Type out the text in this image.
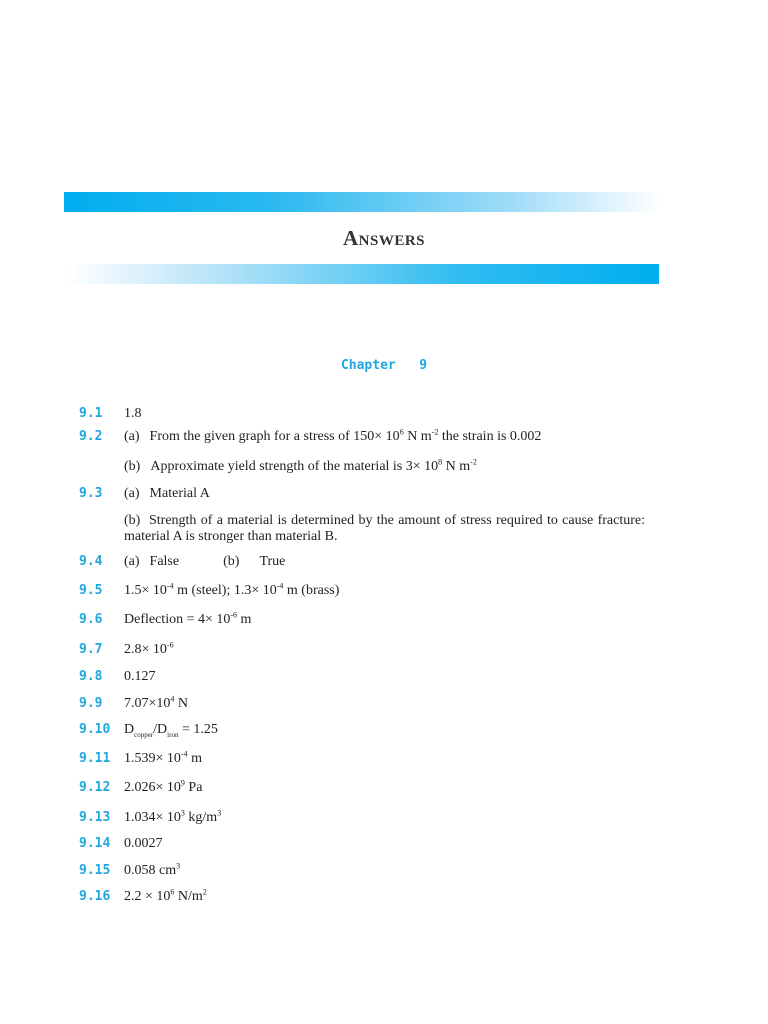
Answers
Chapter   9
9.1 1.8
9.2 (a) From the given graph for a stress of $150\times 10^6$ N $m^{-2}$ the strain is 0.002
(b) Approximate yield strength of the material is $3\times 10^8$ N $m^{-2}$
9.3 (a) Material A
(b)  Strength of a material is determined by the amount of stress required to cause fracture: material A is stronger than material B.
9.4 (a) False	(b) True
9.5 $1.5\times 10^{-4}$ m (steel); $1.3\times 10^{-4}$ m (brass)
9.6 Deflection = $4\times 10^{-6}$ m
9.7 $2.8\times 10^{-6}$
9.8 0.127
9.9 $7.07\times 10^4$ N
9.10 $D_{copper}/D_{iron} = 1.25$
9.11 $1.539\times 10^{-4}$ m
9.12 $2.026\times 10^9$ Pa
9.13 $1.034\times 10^3$ $kg/m^3$
9.14 0.0027
9.15 0.058 $cm^3$
9.16 $2.2 \times 10^6$ $N/m^2$
